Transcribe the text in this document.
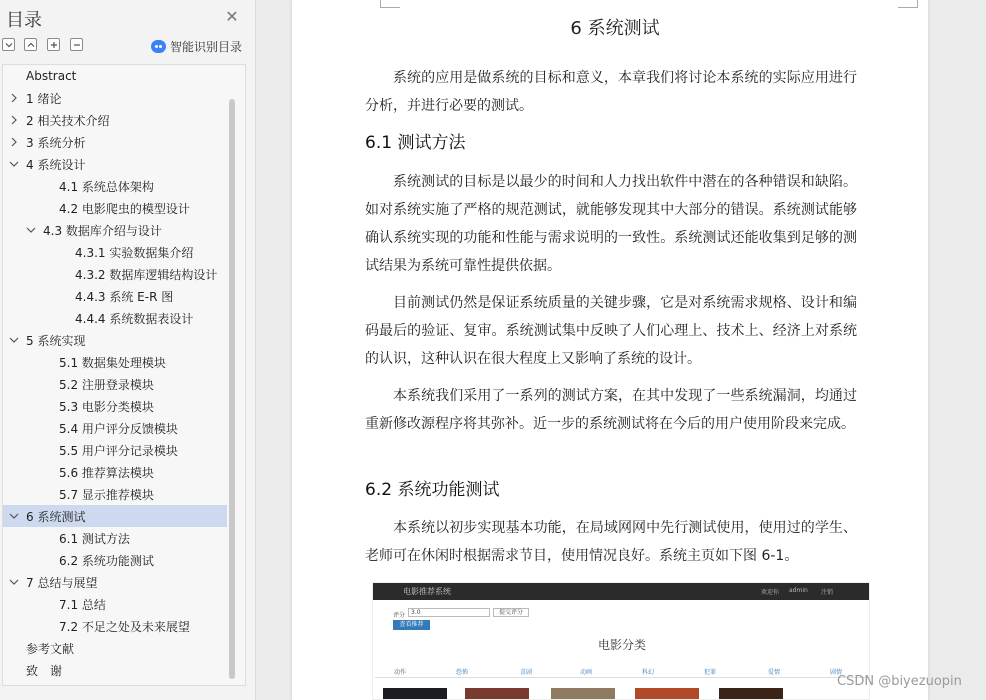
目录	✕
智能识别目录
Abstract
1 绪论
2 相关技术介绍
3 系统分析
4 系统设计
4.1 系统总体架构
4.2 电影爬虫的模型设计
4.3 数据库介绍与设计
4.3.1 实验数据集介绍
4.3.2 数据库逻辑结构设计
4.4.3 系统 E-R 图
4.4.4 系统数据表设计
5 系统实现
5.1 数据集处理模块
5.2 注册登录模块
5.3 电影分类模块
5.4 用户评分反馈模块
5.5 用户评分记录模块
5.6 推荐算法模块
5.7 显示推荐模块
6 系统测试
6.1 测试方法
6.2 系统功能测试
7 总结与展望
7.1 总结
7.2 不足之处及未来展望
参考文献
致　谢
6 系统测试

系统的应用是做系统的目标和意义，本章我们将讨论本系统的实际应用进行分析，并进行必要的测试。

6.1 测试方法

系统测试的目标是以最少的时间和人力找出软件中潜在的各种错误和缺陷。如对系统实施了严格的规范测试，就能够发现其中大部分的错误。系统测试能够确认系统实现的功能和性能与需求说明的一致性。系统测试还能收集到足够的测试结果为系统可靠性提供依据。

目前测试仍然是保证系统质量的关键步骤，它是对系统需求规格、设计和编码最后的验证、复审。系统测试集中反映了人们心理上、技术上、经济上对系统的认识，这种认识在很大程度上又影响了系统的设计。

本系统我们采用了一系列的测试方案，在其中发现了一些系统漏洞，均通过重新修改源程序将其弥补。近一步的系统测试将在今后的用户使用阶段来完成。

6.2 系统功能测试

本系统以初步实现基本功能，在局域网网中先行测试使用，使用过的学生、老师可在休闲时根据需求节目，使用情况良好。系统主页如下图 6-1。

电影推荐系统	欢迎你 admin 注销
评分 3.0	提交评分
查看推荐
电影分类
动作	恐怖	喜剧	动画	科幻	犯罪	爱情	剧情
CSDN @biyezuopin
